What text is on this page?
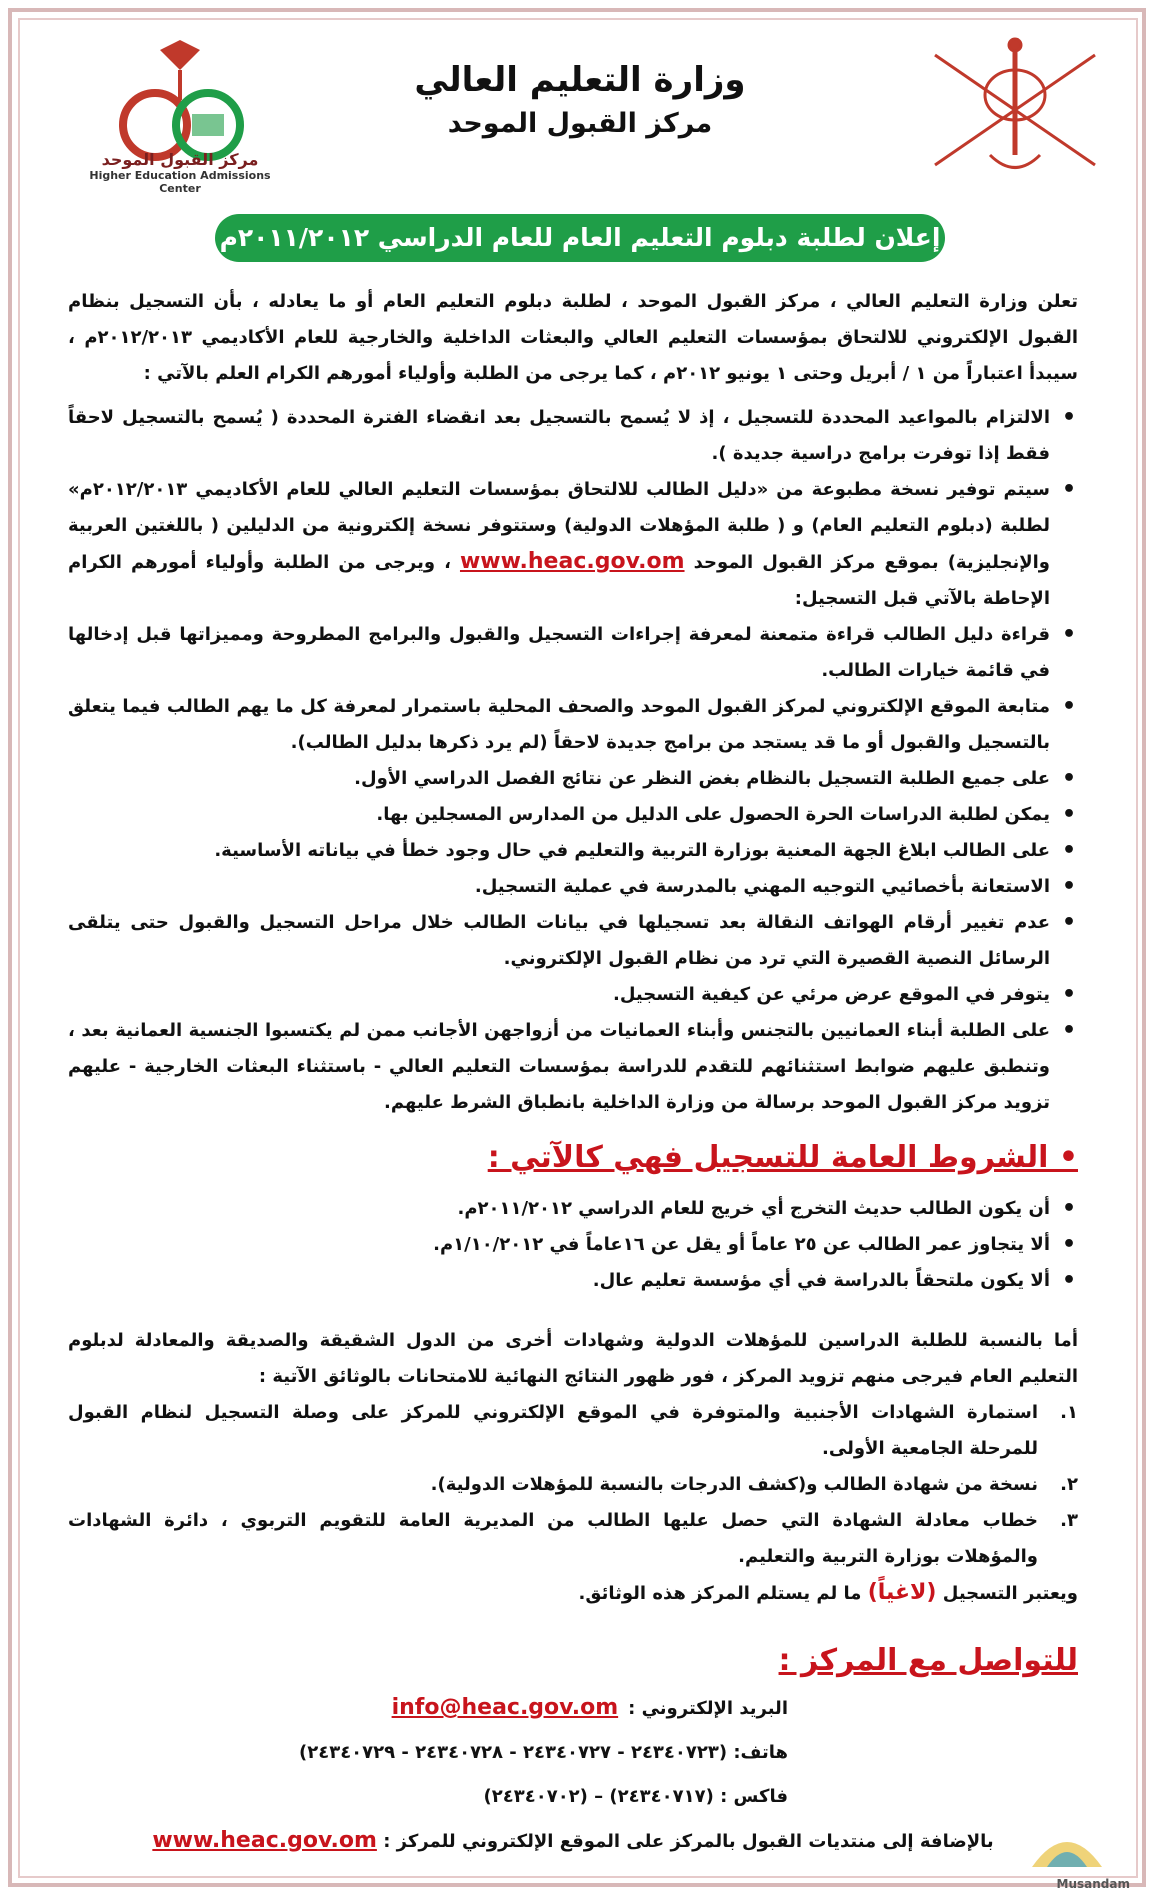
مركز القبول الموحد
Higher Education Admissions Center
وزارة التعليم العالي
مركز القبول الموحد
إعلان لطلبة دبلوم التعليم العام للعام الدراسي ٢٠١١/٢٠١٢م

تعلن وزارة التعليم العالي ، مركز القبول الموحد ، لطلبة دبلوم التعليم العام أو ما يعادله ، بأن التسجيل بنظام القبول الإلكتروني للالتحاق بمؤسسات التعليم العالي والبعثات الداخلية والخارجية للعام الأكاديمي ٢٠١٢/٢٠١٣م ، سيبدأ اعتباراً من ١ / أبريل وحتى ١ يونيو ٢٠١٢م ، كما يرجى من الطلبة وأولياء أمورهم الكرام العلم بالآتي :

• الالتزام بالمواعيد المحددة للتسجيل ، إذ لا يُسمح بالتسجيل بعد انقضاء الفترة المحددة ( يُسمح بالتسجيل لاحقاً فقط إذا توفرت برامج دراسية جديدة ).
• سيتم توفير نسخة مطبوعة من «دليل الطالب للالتحاق بمؤسسات التعليم العالي للعام الأكاديمي ٢٠١٢/٢٠١٣م» لطلبة (دبلوم التعليم العام) و ( طلبة المؤهلات الدولية) وستتوفر نسخة إلكترونية من الدليلين ( باللغتين العربية والإنجليزية) بموقع مركز القبول الموحد www.heac.gov.om ، ويرجى من الطلبة وأولياء أمورهم الكرام الإحاطة بالآتي قبل التسجيل:
• قراءة دليل الطالب قراءة متمعنة لمعرفة إجراءات التسجيل والقبول والبرامج المطروحة ومميزاتها قبل إدخالها في قائمة خيارات الطالب.
• متابعة الموقع الإلكتروني لمركز القبول الموحد والصحف المحلية باستمرار لمعرفة كل ما يهم الطالب فيما يتعلق بالتسجيل والقبول أو ما قد يستجد من برامج جديدة لاحقاً (لم يرد ذكرها بدليل الطالب).
• على جميع الطلبة التسجيل بالنظام بغض النظر عن نتائج الفصل الدراسي الأول.
• يمكن لطلبة الدراسات الحرة الحصول على الدليل من المدارس المسجلين بها.
• على الطالب ابلاغ الجهة المعنية بوزارة التربية والتعليم في حال وجود خطأ في بياناته الأساسية.
• الاستعانة بأخصائيي التوجيه المهني بالمدرسة في عملية التسجيل.
• عدم تغيير أرقام الهواتف النقالة بعد تسجيلها في بيانات الطالب خلال مراحل التسجيل والقبول حتى يتلقى الرسائل النصية القصيرة التي ترد من نظام القبول الإلكتروني.
• يتوفر في الموقع عرض مرئي عن كيفية التسجيل.
• على الطلبة أبناء العمانيين بالتجنس وأبناء العمانيات من أزواجهن الأجانب ممن لم يكتسبوا الجنسية العمانية بعد ، وتنطبق عليهم ضوابط استثنائهم للتقدم للدراسة بمؤسسات التعليم العالي - باستثناء البعثات الخارجية - عليهم تزويد مركز القبول الموحد برسالة من وزارة الداخلية بانطباق الشرط عليهم.
• الشروط العامة للتسجيل فهي كالآتي :
• أن يكون الطالب حديث التخرج أي خريج للعام الدراسي ٢٠١١/٢٠١٢م.
• ألا يتجاوز عمر الطالب عن ٢٥ عاماً أو يقل عن ١٦عاماً في ١/١٠/٢٠١٢م.
• ألا يكون ملتحقاً بالدراسة في أي مؤسسة تعليم عال.

أما بالنسبة للطلبة الدراسين للمؤهلات الدولية وشهادات أخرى من الدول الشقيقة والصديقة والمعادلة لدبلوم التعليم العام فيرجى منهم تزويد المركز ، فور ظهور النتائج النهائية للامتحانات بالوثائق الآتية :

١.
استمارة الشهادات الأجنبية والمتوفرة في الموقع الإلكتروني للمركز على وصلة التسجيل لنظام القبول للمرحلة الجامعية الأولى.
٢.
نسخة من شهادة الطالب و(كشف الدرجات بالنسبة للمؤهلات الدولية).
٣.
خطاب معادلة الشهادة التي حصل عليها الطالب من المديرية العامة للتقويم التربوي ، دائرة الشهادات والمؤهلات بوزارة التربية والتعليم.

ويعتبر التسجيل (لاغياً) ما لم يستلم المركز هذه الوثائق.

للتواصل مع المركز :
البريد الإلكتروني :info@heac.gov.om
هاتف: (٢٤٣٤٠٧٢٣ - ٢٤٣٤٠٧٢٧ - ٢٤٣٤٠٧٢٨ - ٢٤٣٤٠٧٢٩)
فاكس : (٢٤٣٤٠٧١٧) – (٢٤٣٤٠٧٠٢)
بالإضافة إلى منتديات القبول بالمركز على الموقع الإلكتروني للمركز : www.heac.gov.om
Musandam
